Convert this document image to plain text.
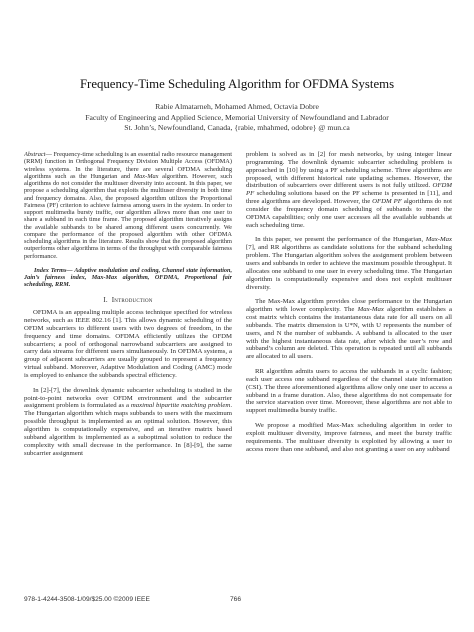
Frequency-Time Scheduling Algorithm for OFDMA Systems
Rabie Almatarneh, Mohamed Ahmed, Octavia Dobre
Faculty of Engineering and Applied Science, Memorial University of Newfoundland and Labrador
St. John’s, Newfoundland, Canada, {rabie, mhahmed, odobre} @ mun.ca

Abstract— Frequency-time scheduling is an essential radio resource management (RRM) function in Orthogonal Frequency Division Multiple Access (OFDMA) wireless systems. In the literature, there are several OFDMA scheduling algorithms such as the Hungarian and Max-Max algorithm. However, such algorithms do not consider the multiuser diversity into account. In this paper, we propose a scheduling algorithm that exploits the multiuser diversity in both time and frequency domains. Also, the proposed algorithm utilizes the Proportional Fairness (PF) criterion to achieve fairness among users in the system. In order to support multimedia bursty traffic, our algorithm allows more than one user to share a subband in each time frame. The proposed algorithm iteratively assigns the available subbands to be shared among different users concurrently. We compare the performance of the proposed algorithm with other OFDMA scheduling algorithms in the literature. Results show that the proposed algorithm outperforms other algorithms in terms of the throughput with comparable fairness performance.

Index Terms— Adaptive modulation and coding, Channel state information, Jain’s fairness index, Max-Max algorithm, OFDMA, Proportional fair scheduling, RRM.

I. Introduction

OFDMA is an appealing multiple access technique specified for wireless networks, such as IEEE 802.16 [1]. This allows dynamic scheduling of the OFDM subcarriers to different users with two degrees of freedom, in the frequency and time domains. OFDMA efficiently utilizes the OFDM subcarriers; a pool of orthogonal narrowband subcarriers are assigned to carry data streams for different users simultaneously. In OFDMA systems, a group of adjacent subcarriers are usually grouped to represent a frequency virtual subband. Moreover, Adaptive Modulation and Coding (AMC) mode is employed to enhance the subbands spectral efficiency.

In [2]-[7], the downlink dynamic subcarrier scheduling is studied in the point-to-point networks over OFDM environment and the subcarrier assignment problem is formulated as a maximal bipartite matching problem. The Hungarian algorithm which maps subbands to users with the maximum possible throughput is implemented as an optimal solution. However, this algorithm is computationally expensive, and an iterative matrix based subband algorithm is implemented as a suboptimal solution to reduce the complexity with small decrease in the performance. In [8]-[9], the same subcarrier assignment

problem is solved as in [2] for mesh networks, by using integer linear programming. The downlink dynamic subcarrier scheduling problem is approached in [10] by using a PF scheduling scheme. Three algorithms are proposed, with different historical rate updating schemes. However, the distribution of subcarriers over different users is not fully utilized. OFDM PF scheduling solutions based on the PF scheme is presented in [11], and three algorithms are developed. However, the OFDM PF algorithms do not consider the frequency domain scheduling of subbands to meet the OFDMA capabilities; only one user accesses all the available subbands at each scheduling time.

In this paper, we present the performance of the Hungarian, Max-Max [7], and RR algorithms as candidate solutions for the subband scheduling problem. The Hungarian algorithm solves the assignment problem between users and subbands in order to achieve the maximum possible throughput. It allocates one subband to one user in every scheduling time. The Hungarian algorithm is computationally expensive and does not exploit multiuser diversity.

The Max-Max algorithm provides close performance to the Hungarian algorithm with lower complexity. The Max-Max algorithm establishes a cost matrix which contains the instantaneous data rate for all users on all subbands. The matrix dimension is U*N, with U represents the number of users, and N the number of subbands. A subband is allocated to the user with the highest instantaneous data rate, after which the user’s row and subband’s column are deleted. This operation is repeated until all subbands are allocated to all users.

RR algorithm admits users to access the subbands in a cyclic fashion; each user access one subband regardless of the channel state information (CSI). The three aforementioned algorithms allow only one user to access a subband in a frame duration. Also, these algorithms do not compensate for the service starvation over time. Moreover, these algorithms are not able to support multimedia bursty traffic.

We propose a modified Max-Max scheduling algorithm in order to exploit multiuser diversity, improve fairness, and meet the bursty traffic requirements. The multiuser diversity is exploited by allowing a user to access more than one subband, and also not granting a user on any subband

978-1-4244-3508-1/09/$25.00 ©2009 IEEE	766
